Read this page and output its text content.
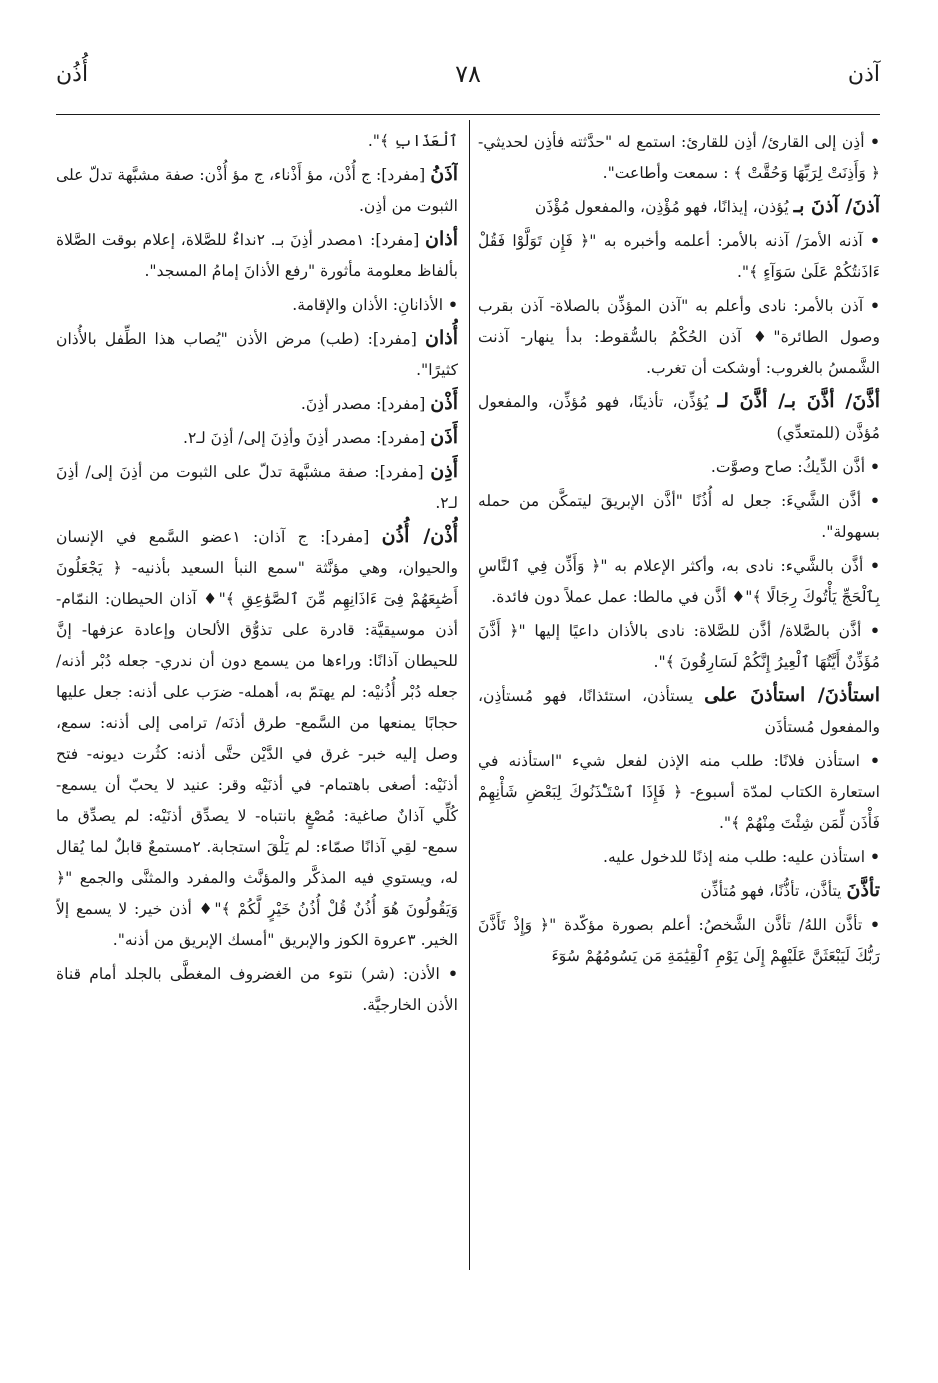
آذن
٧٨
أُذُن

• أذِن إلى القارئ/ أذِن للقارئ: استمع له "حدَّثته فأذِن لحديثي- ﴿ وَأَذِنَتْ لِرَبِّهَا وَحُقَّتْ ﴾ : سمعت وأطاعت".

آذنَ/ آذنَ بـ يُؤذن، إيذانًا، فهو مُؤْذِن، والمفعول مُؤْذَن

• آذنه الأمرَ/ آذنه بالأمر: أعلمه وأخبره به "﴿ فَإِن تَوَلَّوْا فَقُلْ ءَاذَنتُكُمْ عَلَىٰ سَوَآءٍ ﴾".

• آذن بالأمر: نادى وأعلم به "آذن المؤذِّن بالصلاة- آذن بقرب وصول الطائرة"♦ آذن الحُكْمُ بالسُّقوط: بدأ ينهار- آذنت الشَّمسُ بالغروب: أوشكت أن تغرب.

أذَّنَ/ أذَّنَ بـ/ أذَّنَ لـ يُؤذِّن، تأذينًا، فهو مُؤذِّن، والمفعول مُؤذَّن (للمتعدِّي)

• أذَّن الدِّيكُ: صاح وصوَّت.

• أذَّن الشَّيءَ: جعل له أُذُنًا "أذَّن الإبريقَ ليتمكَّن من حمله بسهولة".

• أذَّن بالشَّيء: نادى به، وأكثر الإعلام به "﴿ وَأَذِّن فِي ٱلنَّاسِ بِٱلْحَجِّ يَأْتُوكَ رِجَالًا ﴾"♦ أذَّن في مالطا: عمل عملاً دون فائدة.

• أذَّن بالصَّلاة/ أذَّن للصَّلاة: نادى بالأذان داعيًا إليها "﴿ أَذَّنَ مُؤَذِّنٌ أَيَّتُهَا ٱلْعِيرُ إِنَّكُمْ لَسَارِقُونَ ﴾".

استأذنَ/ استأذنَ على يستأذن، استئذانًا، فهو مُستأذِن، والمفعول مُستأذَن

• استأذن فلانًا: طلب منه الإذن لفعل شيء "استأذنه في استعارة الكتاب لمدّة أسبوع- ﴿ فَإِذَا ٱسْتَـْٔذَنُوكَ لِبَعْضِ شَأْنِهِمْ فَأْذَن لِّمَن شِئْتَ مِنْهُمْ ﴾".

• استأذن عليه: طلب منه إذنًا للدخول عليه.

تأذَّنَ يتأذَّن، تأذُّنًا، فهو مُتأذِّن

• تأذَّن اللهُ/ تأذَّن الشَّخصُ: أعلم بصورة مؤكّدة "﴿ وَإِذْ تَأَذَّنَ رَبُّكَ لَيَبْعَثَنَّ عَلَيْهِمْ إِلَىٰ يَوْمِ ٱلْقِيَٰمَةِ مَن يَسُومُهُمْ سُوٓءَ

ٱلْعَذَابِ ﴾".

آذَنُ [مفرد]: ج أُذْن، مؤ أَذْناء، ج مؤ أُذْن: صفة مشبَّهة تدلّ على الثبوت من أذِن.

أذان [مفرد]: ١مصدر أذِنَ بـ. ٢نداءٌ للصَّلاة، إعلام بوقت الصَّلاة بألفاظ معلومة مأثورة "رفع الأذانَ إمامُ المسجد".

• الأذانانِ: الأذان والإقامة.

أُذان [مفرد]: (طب) مرض الأذن "يُصاب هذا الطِّفل بالأُذان كثيرًا".

أَذْن [مفرد]: مصدر أذِنَ.

أَذَن [مفرد]: مصدر أذِنَ وأذِنَ إلى/ أذِنَ لـ٢.

أَذِن [مفرد]: صفة مشبَّهة تدلّ على الثبوت من أذِنَ إلى/ أذِنَ لـ٢.

أُذْن/ أُذُن [مفرد]: ج آذان: ١عضو السَّمع في الإنسان والحيوان، وهي مؤنَّثة "سمع النبأ السعيد بأذنيه- ﴿ يَجْعَلُونَ أَصَٰبِعَهُمْ فِىٓ ءَاذَانِهِم مِّنَ ٱلصَّوَٰعِقِ ﴾"♦ آذان الحيطان: النمّام- أذن موسيقيَّة: قادرة على تذوُّق الألحان وإعادة عزفها- إنَّ للحيطان آذانًا: وراءها من يسمع دون أن ندري- جعله دُبْر أذنه/ جعله دُبْر أُذُنيْه: لم يهتمّ به، أهمله- ضرَب على أذنه: جعل عليها حجابًا يمنعها من السَّمع- طرق أذنَه/ ترامى إلى أذنه: سمع، وصل إليه خبر- غرق في الدَّيْن حتَّى أذنه: كثُرت ديونه- فتح أذنَيْه: أصغى باهتمام- في أذنَيْه وقر: عنيد لا يحبّ أن يسمع- كُلِّي آذانٌ صاغية: مُصْغٍ بانتباه- لا يصدِّق أذنَيْه: لم يصدِّق ما سمع- لقِي آذانًا صمّاء: لم يَلْقَ استجابة. ٢مستمعٌ قابلٌ لما يُقال له، ويستوي فيه المذكَّر والمؤنَّث والمفرد والمثنَّى والجمع "﴿ وَيَقُولُونَ هُوَ أُذُنٌ قُلْ أُذُنُ خَيْرٍ لَّكُمْ ﴾"♦ أذن خير: لا يسمع إلاّ الخير. ٣عروة الكوز والإبريق "أمسك الإبريق من أذنه".

• الأذن: (شر) نتوء من الغضروف المغطَّى بالجلد أمام قناة الأذن الخارجيَّة.
